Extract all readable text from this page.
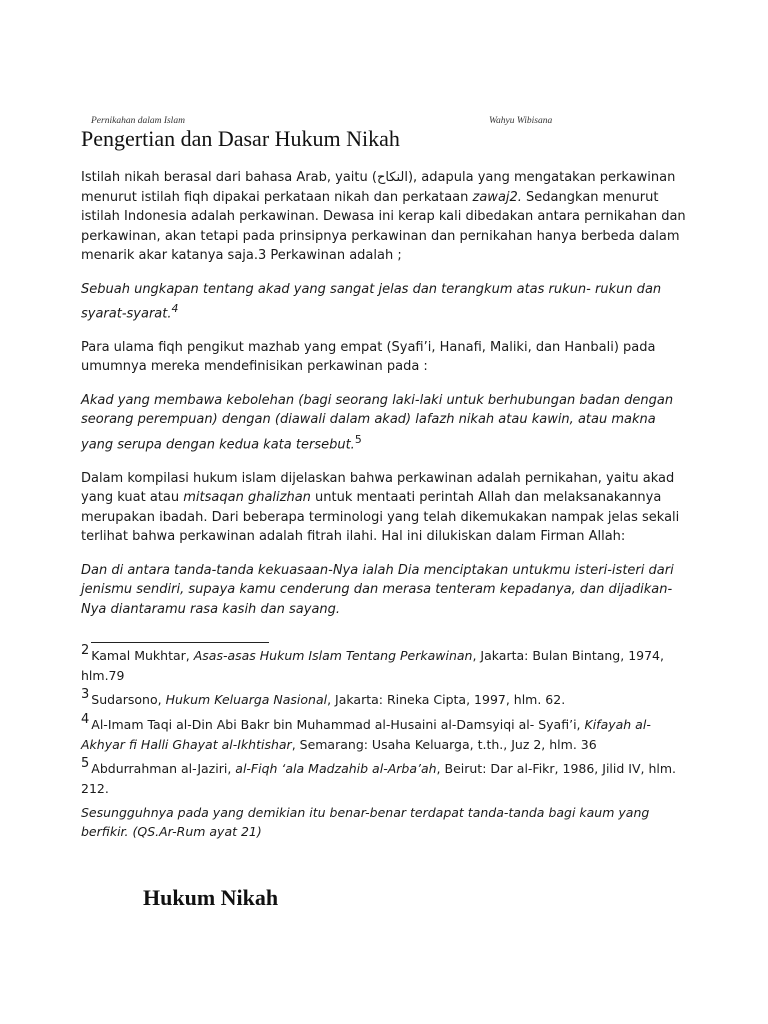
Pernikahan dalam Islam	Wahyu Wibisana

Pengertian dan Dasar Hukum Nikah

Istilah nikah berasal dari bahasa Arab, yaitu (النكاح), adapula yang mengatakan perkawinan menurut istilah fiqh dipakai perkataan nikah dan perkataan zawaj2. Sedangkan menurut istilah Indonesia adalah perkawinan. Dewasa ini kerap kali dibedakan antara pernikahan dan perkawinan, akan tetapi pada prinsipnya perkawinan dan pernikahan hanya berbeda dalam menarik akar katanya saja.3 Perkawinan adalah ;

Sebuah ungkapan tentang akad yang sangat jelas dan terangkum atas rukun- rukun dan syarat-syarat.$^4$

Para ulama fiqh pengikut mazhab yang empat (Syafi’i, Hanafi, Maliki, dan Hanbali) pada umumnya mereka mendefinisikan perkawinan pada :

Akad yang membawa kebolehan (bagi seorang laki-laki untuk berhubungan badan dengan seorang perempuan) dengan (diawali dalam akad) lafazh nikah atau kawin, atau makna yang serupa dengan kedua kata tersebut.$^5$

Dalam kompilasi hukum islam dijelaskan bahwa perkawinan adalah pernikahan, yaitu akad yang kuat atau mitsaqan ghalizhan untuk mentaati perintah Allah dan melaksanakannya merupakan ibadah. Dari beberapa terminologi yang telah dikemukakan nampak jelas sekali terlihat bahwa perkawinan adalah fitrah ilahi. Hal ini dilukiskan dalam Firman Allah:

Dan di antara tanda-tanda kekuasaan-Nya ialah Dia menciptakan untukmu isteri-isteri dari jenismu sendiri, supaya kamu cenderung dan merasa tenteram kepadanya, dan dijadikan-Nya diantaramu rasa kasih dan sayang.

$^2$ Kamal Mukhtar, Asas-asas Hukum Islam Tentang Perkawinan, Jakarta: Bulan Bintang, 1974, hlm.79

$^3$ Sudarsono, Hukum Keluarga Nasional, Jakarta: Rineka Cipta, 1997, hlm. 62.

$^4$ Al-Imam Taqi al-Din Abi Bakr bin Muhammad al-Husaini al-Damsyiqi al- Syafi’i, Kifayah al-Akhyar fi Halli Ghayat al-Ikhtishar, Semarang: Usaha Keluarga, t.th., Juz 2, hlm. 36

$^5$ Abdurrahman al-Jaziri, al-Fiqh ‘ala Madzahib al-Arba’ah, Beirut: Dar al-Fikr, 1986, Jilid IV, hlm. 212.

Sesungguhnya pada yang demikian itu benar-benar terdapat tanda-tanda bagi kaum yang berfikir. (QS.Ar-Rum ayat 21)

Hukum Nikah
